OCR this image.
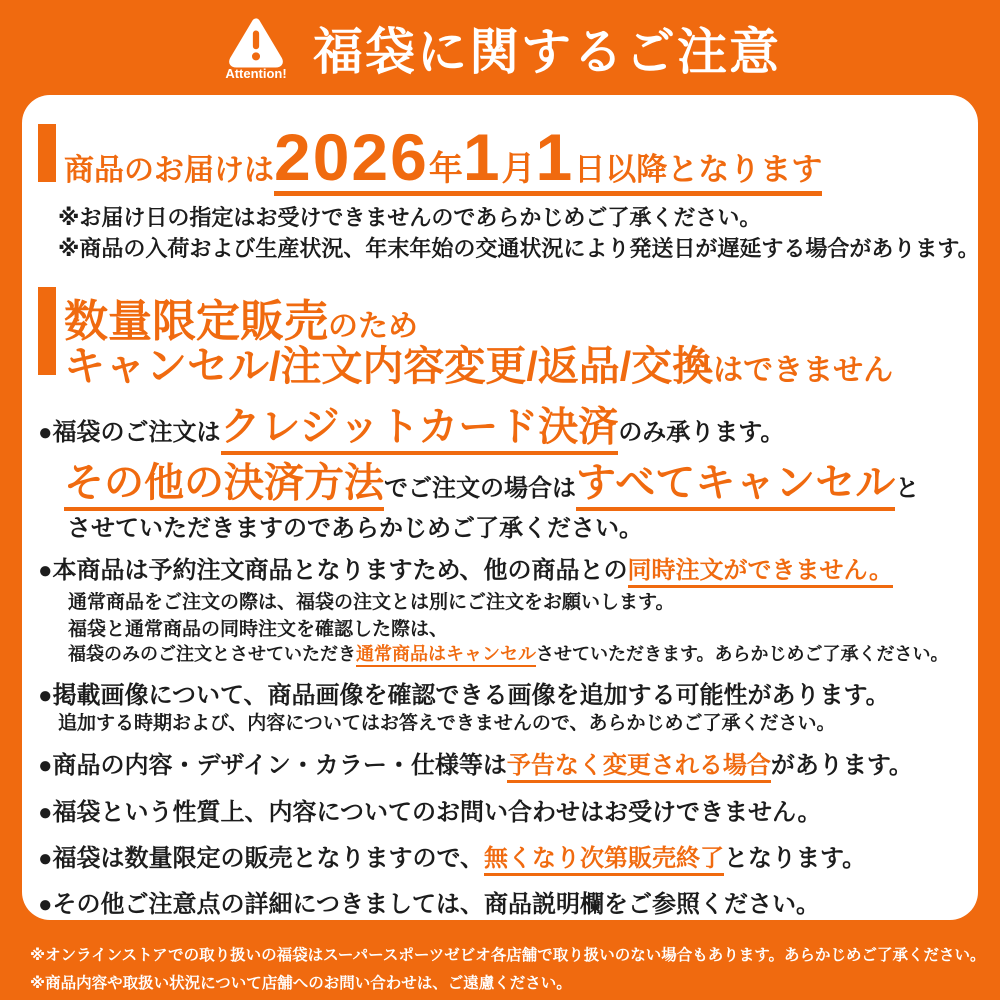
Attention! 福袋に関するご注意
商品のお届けは2026年1月1日以降となります
※お届け日の指定はお受けできませんのであらかじめご了承ください。
※商品の入荷および生産状況、年末年始の交通状況により発送日が遅延する場合があります。
数量限定販売のため
キャンセル/注文内容変更/返品/交換はできません
●福袋のご注文はクレジットカード決済のみ承ります。
その他の決済方法でご注文の場合はすべてキャンセルと
させていただきますのであらかじめご了承ください。
●本商品は予約注文商品となりますため、他の商品との同時注文ができません。
通常商品をご注文の際は、福袋の注文とは別にご注文をお願いします。
福袋と通常商品の同時注文を確認した際は、
福袋のみのご注文とさせていただき通常商品はキャンセルさせていただきます。あらかじめご了承ください。
●掲載画像について、商品画像を確認できる画像を追加する可能性があります。
追加する時期および、内容についてはお答えできませんので、あらかじめご了承ください。
●商品の内容・デザイン・カラー・仕様等は予告なく変更される場合があります。
●福袋という性質上、内容についてのお問い合わせはお受けできません。
●福袋は数量限定の販売となりますので、無くなり次第販売終了となります。
●その他ご注意点の詳細につきましては、商品説明欄をご参照ください。
※オンラインストアでの取り扱いの福袋はスーパースポーツゼビオ各店舗で取り扱いのない場合もあります。あらかじめご了承ください。
※商品内容や取扱い状況について店舗へのお問い合わせは、ご遠慮ください。
